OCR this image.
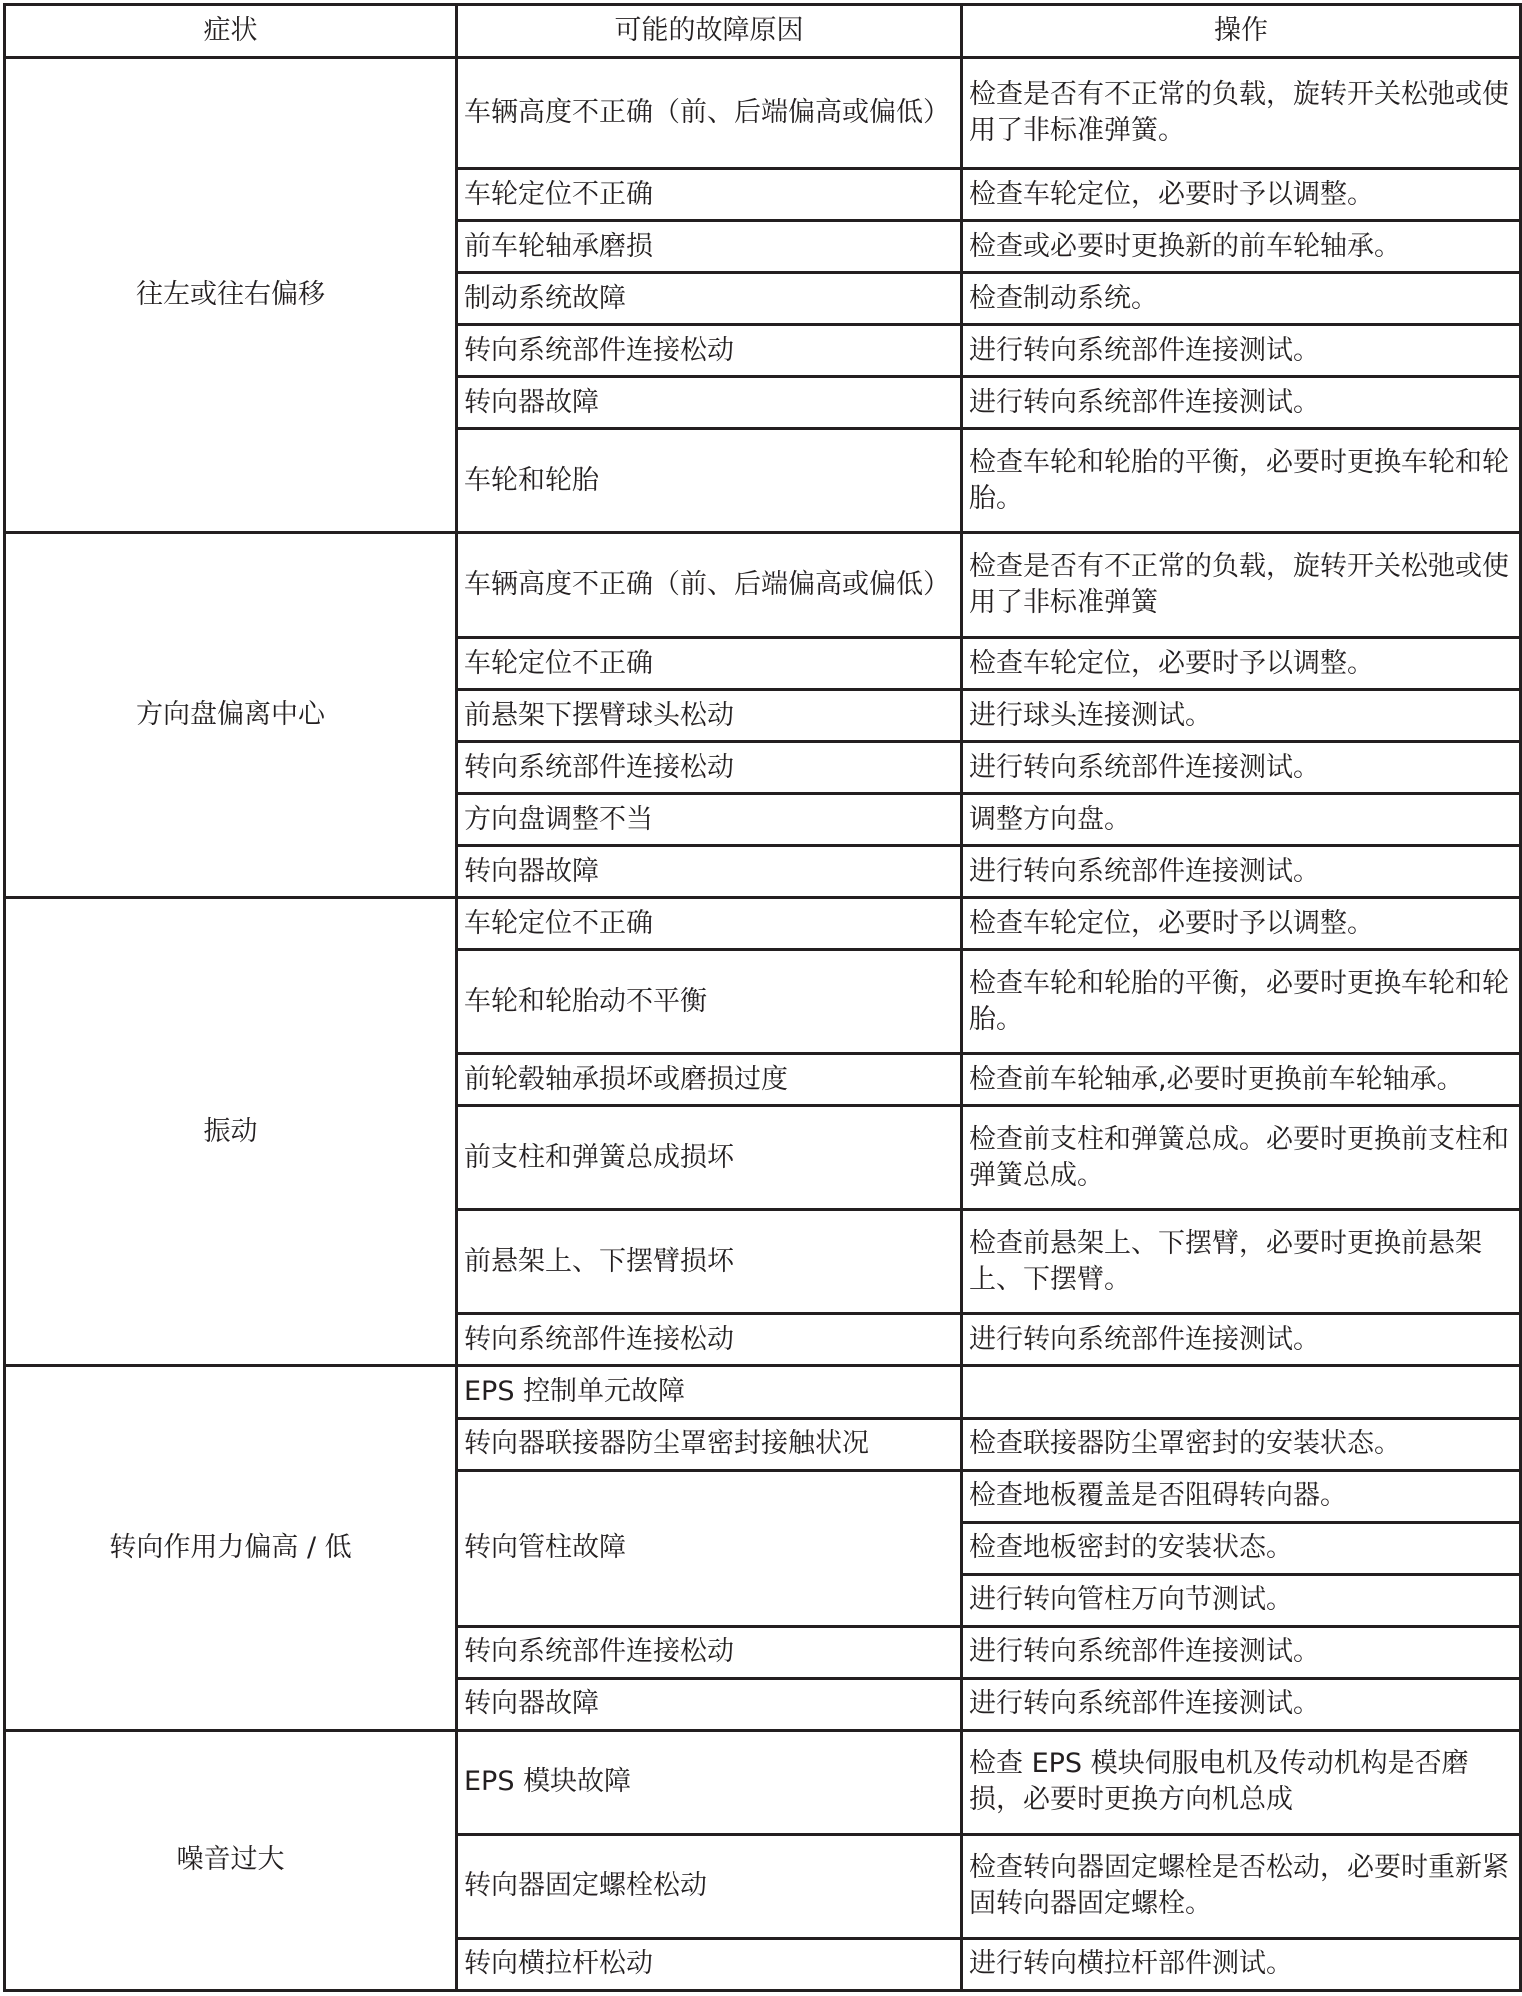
症状	可能的故障原因	操作
往左或往右偏移	车辆高度不正确（前、后端偏高或偏低）	检查是否有不正常的负载，旋转开关松弛或使用了非标准弹簧。
	车轮定位不正确	检查车轮定位，必要时予以调整。
	前车轮轴承磨损	检查或必要时更换新的前车轮轴承。
	制动系统故障	检查制动系统。
	转向系统部件连接松动	进行转向系统部件连接测试。
	转向器故障	进行转向系统部件连接测试。
	车轮和轮胎	检查车轮和轮胎的平衡，必要时更换车轮和轮胎。
方向盘偏离中心	车辆高度不正确（前、后端偏高或偏低）	检查是否有不正常的负载，旋转开关松弛或使用了非标准弹簧
	车轮定位不正确	检查车轮定位，必要时予以调整。
	前悬架下摆臂球头松动	进行球头连接测试。
	转向系统部件连接松动	进行转向系统部件连接测试。
	方向盘调整不当	调整方向盘。
	转向器故障	进行转向系统部件连接测试。
振动	车轮定位不正确	检查车轮定位，必要时予以调整。
	车轮和轮胎动不平衡	检查车轮和轮胎的平衡，必要时更换车轮和轮胎。
	前轮毂轴承损坏或磨损过度	检查前车轮轴承,必要时更换前车轮轴承。
	前支柱和弹簧总成损坏	检查前支柱和弹簧总成。必要时更换前支柱和弹簧总成。
	前悬架上、下摆臂损坏	检查前悬架上、下摆臂，必要时更换前悬架上、下摆臂。
	转向系统部件连接松动	进行转向系统部件连接测试。
转向作用力偏高 / 低	EPS 控制单元故障	
	转向器联接器防尘罩密封接触状况	检查联接器防尘罩密封的安装状态。
	转向管柱故障	检查地板覆盖是否阻碍转向器。
		检查地板密封的安装状态。
		进行转向管柱万向节测试。
	转向系统部件连接松动	进行转向系统部件连接测试。
	转向器故障	进行转向系统部件连接测试。
噪音过大	EPS 模块故障	检查 EPS 模块伺服电机及传动机构是否磨损，必要时更换方向机总成
	转向器固定螺栓松动	检查转向器固定螺栓是否松动，必要时重新紧固转向器固定螺栓。
	转向横拉杆松动	进行转向横拉杆部件测试。
